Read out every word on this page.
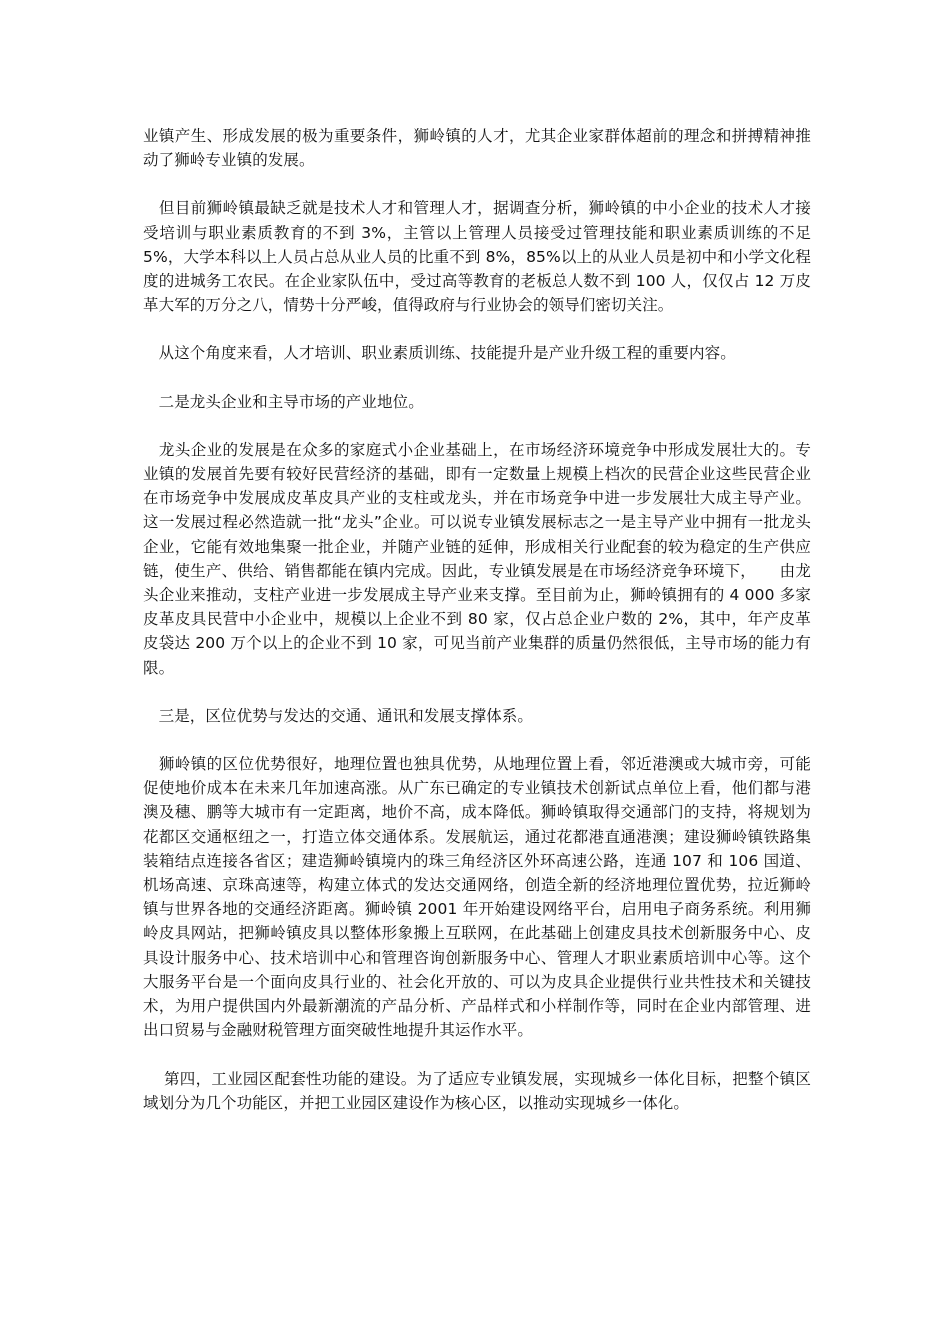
业镇产生、形成发展的极为重要条件，狮岭镇的人才，尤其企业家群体超前的理念和拼搏精神推动了狮岭专业镇的发展。

　但目前狮岭镇最缺乏就是技术人才和管理人才，据调查分析，狮岭镇的中小企业的技术人才接受培训与职业素质教育的不到 3%，主管以上管理人员接受过管理技能和职业素质训练的不足 5%，大学本科以上人员占总从业人员的比重不到 8%，85%以上的从业人员是初中和小学文化程度的进城务工农民。在企业家队伍中，受过高等教育的老板总人数不到 100 人，仅仅占 12 万皮革大军的万分之八，情势十分严峻，值得政府与行业协会的领导们密切关注。

　从这个角度来看，人才培训、职业素质训练、技能提升是产业升级工程的重要内容。

　二是龙头企业和主导市场的产业地位。

　龙头企业的发展是在众多的家庭式小企业基础上，在市场经济环境竞争中形成发展壮大的。专业镇的发展首先要有较好民营经济的基础，即有一定数量上规模上档次的民营企业这些民营企业在市场竞争中发展成皮革皮具产业的支柱或龙头，并在市场竞争中进一步发展壮大成主导产业。这一发展过程必然造就一批“龙头”企业。可以说专业镇发展标志之一是主导产业中拥有一批龙头企业，它能有效地集聚一批企业，并随产业链的延伸，形成相关行业配套的较为稳定的生产供应链，使生产、供给、销售都能在镇内完成。因此，专业镇发展是在市场经济竞争环境下，　　由龙头企业来推动，支柱产业进一步发展成主导产业来支撑。至目前为止，狮岭镇拥有的 4 000 多家皮革皮具民营中小企业中，规模以上企业不到 80 家，仅占总企业户数的 2%，其中，年产皮革皮袋达 200 万个以上的企业不到 10 家，可见当前产业集群的质量仍然很低，主导市场的能力有限。

　三是，区位优势与发达的交通、通讯和发展支撑体系。

　狮岭镇的区位优势很好，地理位置也独具优势，从地理位置上看，邻近港澳或大城市旁，可能促使地价成本在未来几年加速高涨。从广东已确定的专业镇技术创新试点单位上看，他们都与港澳及穗、鹏等大城市有一定距离，地价不高，成本降低。狮岭镇取得交通部门的支持，将规划为花都区交通枢纽之一，打造立体交通体系。发展航运，通过花都港直通港澳；建设狮岭镇铁路集装箱结点连接各省区；建造狮岭镇境内的珠三角经济区外环高速公路，连通 107 和 106 国道、机场高速、京珠高速等，构建立体式的发达交通网络，创造全新的经济地理位置优势，拉近狮岭镇与世界各地的交通经济距离。狮岭镇 2001 年开始建设网络平台，启用电子商务系统。利用狮岭皮具网站，把狮岭镇皮具以整体形象搬上互联网，在此基础上创建皮具技术创新服务中心、皮具设计服务中心、技术培训中心和管理咨询创新服务中心、管理人才职业素质培训中心等。这个大服务平台是一个面向皮具行业的、社会化开放的、可以为皮具企业提供行业共性技术和关键技术，为用户提供国内外最新潮流的产品分析、产品样式和小样制作等，同时在企业内部管理、进出口贸易与金融财税管理方面突破性地提升其运作水平。

　 第四，工业园区配套性功能的建设。为了适应专业镇发展，实现城乡一体化目标，把整个镇区域划分为几个功能区，并把工业园区建设作为核心区，以推动实现城乡一体化。
